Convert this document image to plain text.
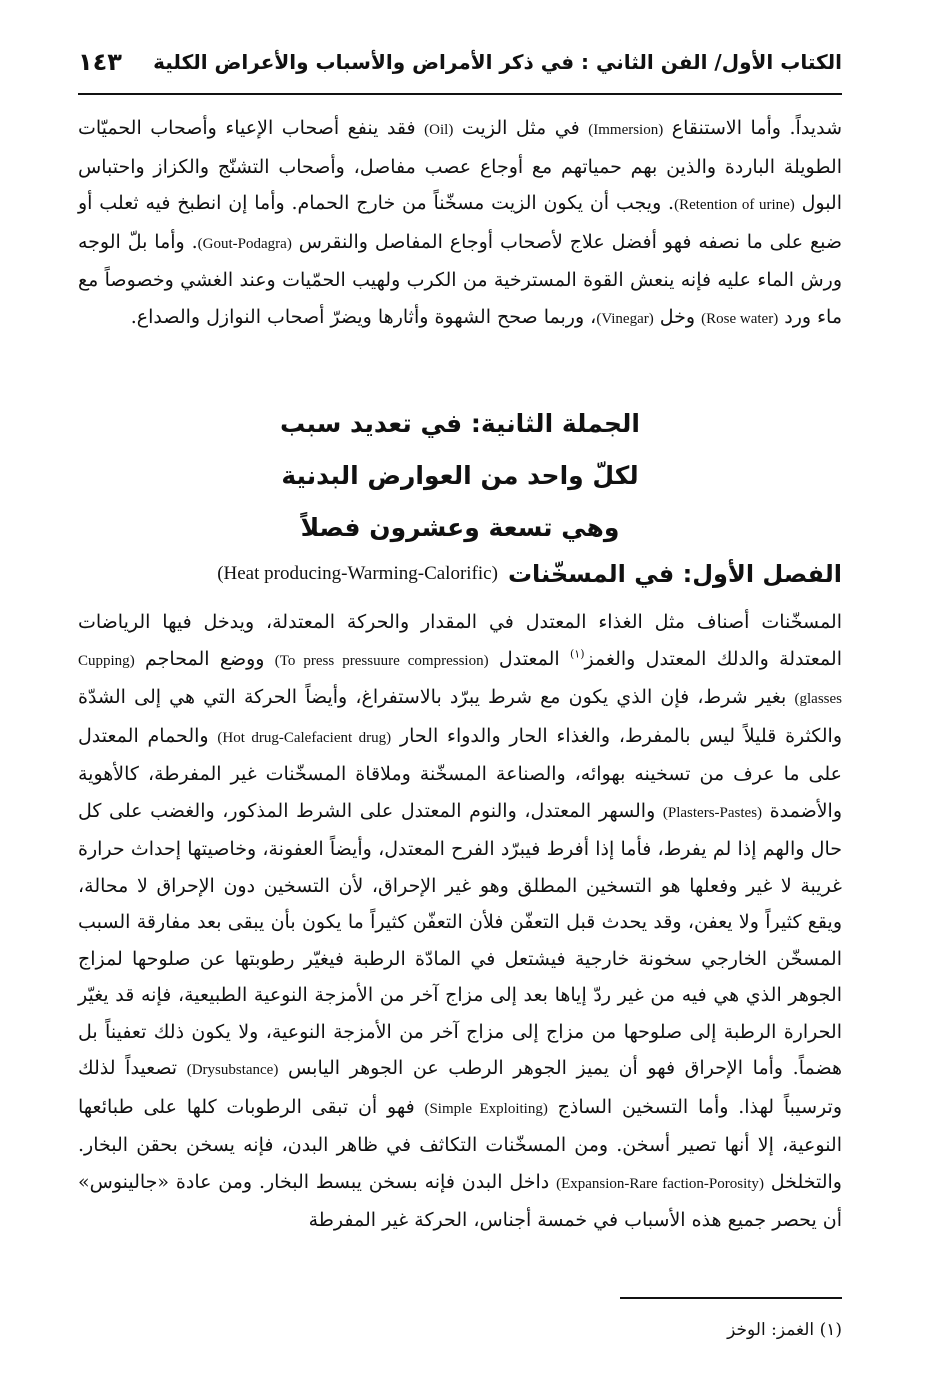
الكتاب الأول/ الفن الثاني : في ذكر الأمراض والأسباب والأعراض الكلية
١٤٣

شديداً. وأما الاستنقاع (Immersion) في مثل الزيت (Oil) فقد ينفع أصحاب الإعياء وأصحاب الحميّات الطويلة الباردة والذين بهم حمياتهم مع أوجاع عصب مفاصل، وأصحاب التشنّج والكزاز واحتباس البول (Retention of urine). ويجب أن يكون الزيت مسخّناً من خارج الحمام. وأما إن انطبخ فيه ثعلب أو ضبع على ما نصفه فهو أفضل علاج لأصحاب أوجاع المفاصل والنقرس (Gout-Podagra). وأما بلّ الوجه ورش الماء عليه فإنه ينعش القوة المسترخية من الكرب ولهيب الحمّيات وعند الغشي وخصوصاً مع ماء ورد (Rose water) وخل (Vinegar)، وربما صحح الشهوة وأثارها ويضرّ أصحاب النوازل والصداع.

الجملة الثانية: في تعديد سبب
لكلّ واحد من العوارض البدنية
وهي تسعة وعشرون فصلاً
الفصل الأول: في المسخّنات
(Heat producing-Warming-Calorific)

المسخّنات أصناف مثل الغذاء المعتدل في المقدار والحركة المعتدلة، ويدخل فيها الرياضات المعتدلة والدلك المعتدل والغمز$^{(١)}$ المعتدل (To press pressuure compression) ووضع المحاجم (Cupping glasses) بغير شرط، فإن الذي يكون مع شرط يبرّد بالاستفراغ، وأيضاً الحركة التي هي إلى الشدّة والكثرة قليلاً ليس بالمفرط، والغذاء الحار والدواء الحار (Hot drug-Calefacient drug) والحمام المعتدل على ما عرف من تسخينه بهوائه، والصناعة المسخّنة وملاقاة المسخّنات غير المفرطة، كالأهوية والأضمدة (Plasters-Pastes) والسهر المعتدل، والنوم المعتدل على الشرط المذكور، والغضب على كل حال والهم إذا لم يفرط، فأما إذا أفرط فيبرّد الفرح المعتدل، وأيضاً العفونة، وخاصيتها إحداث حرارة غريبة لا غير وفعلها هو التسخين المطلق وهو غير الإحراق، لأن التسخين دون الإحراق لا محالة، ويقع كثيراً ولا يعفن، وقد يحدث قبل التعفّن فلأن التعفّن كثيراً ما يكون بأن يبقى بعد مفارقة السبب المسخّن الخارجي سخونة خارجية فيشتعل في المادّة الرطبة فيغيّر رطوبتها عن صلوحها لمزاج الجوهر الذي هي فيه من غير ردّ إياها بعد إلى مزاج آخر من الأمزجة النوعية الطبيعية، فإنه قد يغيّر الحرارة الرطبة إلى صلوحها من مزاج إلى مزاج آخر من الأمزجة النوعية، ولا يكون ذلك تعفيناً بل هضماً. وأما الإحراق فهو أن يميز الجوهر الرطب عن الجوهر اليابس (Drysubstance) تصعيداً لذلك وترسيباً لهذا. وأما التسخين الساذج (Simple Exploiting) فهو أن تبقى الرطوبات كلها على طبائعها النوعية، إلا أنها تصير أسخن. ومن المسخّنات التكاثف في ظاهر البدن، فإنه يسخن بحقن البخار. والتخلخل (Expansion-Rare faction-Porosity) داخل البدن فإنه بسخن يبسط البخار. ومن عادة «جالينوس» أن يحصر جميع هذه الأسباب في خمسة أجناس، الحركة غير المفرطة

(١) الغمز: الوخز
